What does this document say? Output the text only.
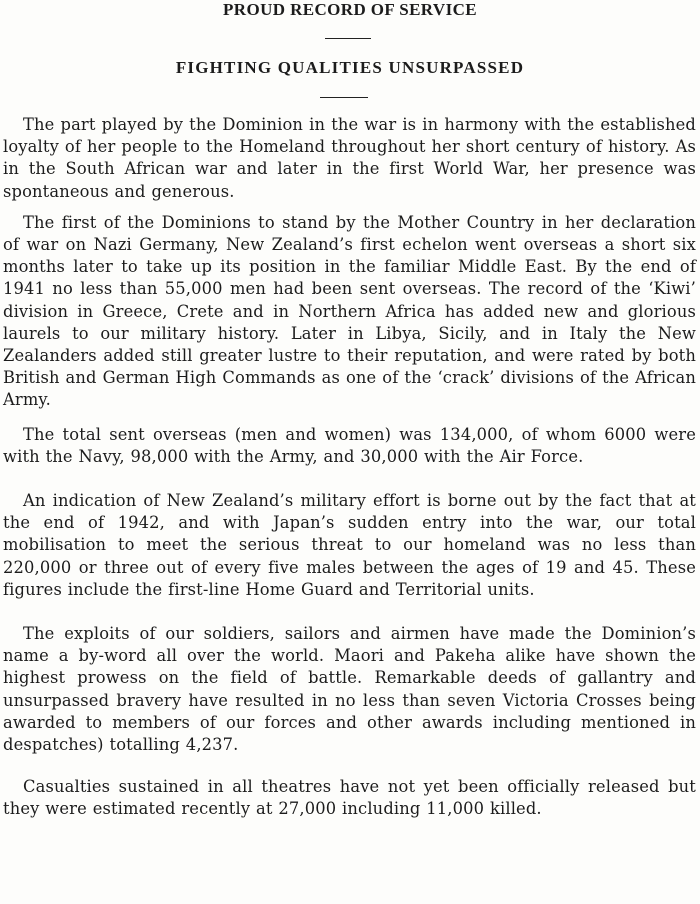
PROUD RECORD OF SERVICE
FIGHTING QUALITIES UNSURPASSED

The part played by the Dominion in the war is in harmony with the established loyalty of her people to the Homeland throughout her short century of history. As in the South African war and later in the first World War, her presence was spontaneous and generous.

The first of the Dominions to stand by the Mother Country in her declaration of war on Nazi Germany, New Zealand’s first echelon went overseas a short six months later to take up its position in the familiar Middle East. By the end of 1941 no less than 55,000 men had been sent overseas. The record of the ‘Kiwi’ division in Greece, Crete and in Northern Africa has added new and glorious laurels to our military history. Later in Libya, Sicily, and in Italy the New Zealanders added still greater lustre to their reputation, and were rated by both British and German High Commands as one of the ‘crack’ divisions of the African Army.

The total sent overseas (men and women) was 134,000, of whom 6000 were with the Navy, 98,000 with the Army, and 30,000 with the Air Force.

An indication of New Zealand’s military effort is borne out by the fact that at the end of 1942, and with Japan’s sudden entry into the war, our total mobilisation to meet the serious threat to our homeland was no less than 220,000 or three out of every five males between the ages of 19 and 45. These figures include the first-line Home Guard and Territorial units.

The exploits of our soldiers, sailors and airmen have made the Dominion’s name a by-word all over the world. Maori and Pakeha alike have shown the highest prowess on the field of battle. Remarkable deeds of gallantry and unsurpassed bravery have resulted in no less than seven Victoria Crosses being awarded to members of our forces and other awards including mentioned in despatches) totalling 4,237.

Casualties sustained in all theatres have not yet been officially released but they were estimated recently at 27,000 including 11,000 killed.
